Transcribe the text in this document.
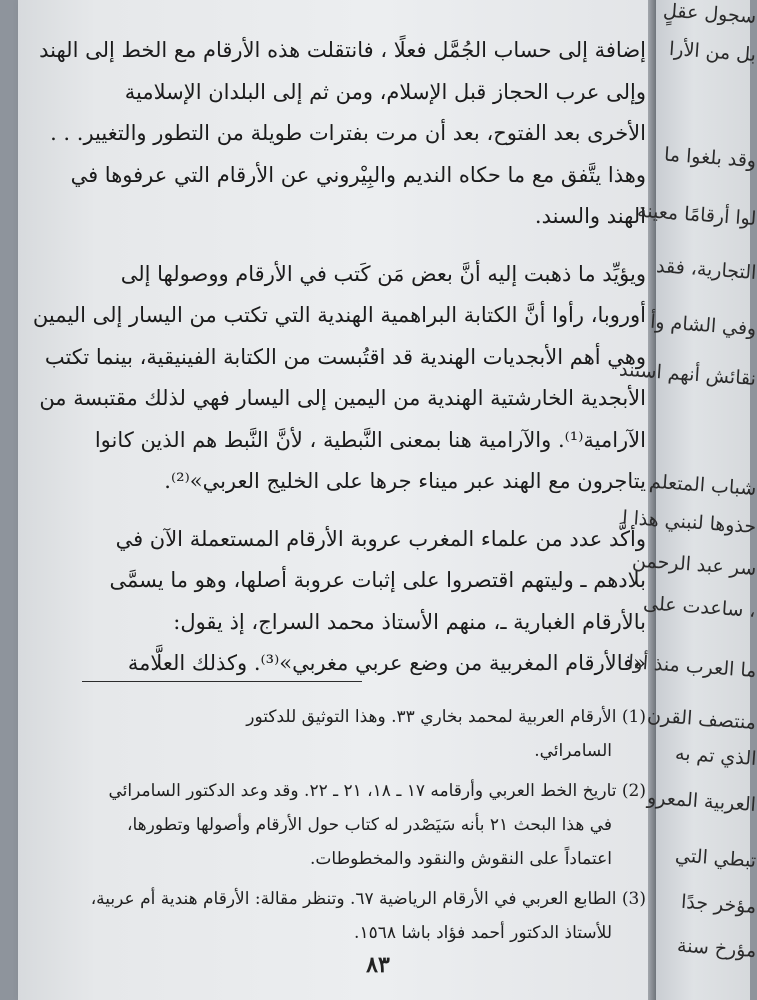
إضافة إلى حساب الجُمَّل فعلًا ، فانتقلت هذه الأرقام مع الخط إلى الهند
وإلى عرب الحجاز قبل الإسلام، ومن ثم إلى البلدان الإسلامية
الأخرى بعد الفتوح، بعد أن مرت بفترات طويلة من التطور والتغيير. . .
وهذا يتَّفق مع ما حكاه النديم والبِيْروني عن الأرقام التي عرفوها في
الهند والسند.
ويؤيِّد ما ذهبت إليه أنَّ بعض مَن كَتب في الأرقام ووصولها إلى
أوروبا، رأوا أنَّ الكتابة البراهمية الهندية التي تكتب من اليسار إلى اليمين
وهي أهم الأبجديات الهندية قد اقتُبست من الكتابة الفينيقية، بينما تكتب
الأبجدية الخارشتية الهندية من اليمين إلى اليسار فهي لذلك مقتبسة من
الآرامية⁽¹⁾. والآرامية هنا بمعنى النَّبطية ، لأنَّ النَّبط هم الذين كانوا
يتاجرون مع الهند عبر ميناء جرها على الخليج العربي»⁽²⁾.
وأكَّد عدد من علماء المغرب عروبة الأرقام المستعملة الآن في
بلادهم ـ وليتهم اقتصروا على إثبات عروبة أصلها، وهو ما يسمَّى
بالأرقام الغبارية ـ، منهم الأستاذ محمد السراج، إذ يقول:
«فالأرقام المغربية من وضع عربي مغربي»⁽³⁾. وكذلك العلَّامة
(1) الأرقام العربية لمحمد بخاري ٣٣. وهذا التوثيق للدكتور
السامرائي.
(2) تاريخ الخط العربي وأرقامه ١٧ ـ ١٨، ٢١ ـ ٢٢. وقد وعد الدكتور السامرائي
في هذا البحث ٢١ بأنه سَيَصْدر له كتاب حول الأرقام وأصولها وتطورها،
اعتماداً على النقوش والنقود والمخطوطات.
(3) الطابع العربي في الأرقام الرياضية ٦٧. وتنظر مقالة: الأرقام هندية أم عربية،
للأستاذ الدكتور أحمد فؤاد باشا ١٥٦٨.
٨٣
سجول عقلٍ
بل من الأرا
وقد بلغوا ما
لوا أرقامًا معينة
التجارية، فقد
وفي الشام وأ
نقائش أنهم استند
شباب المتعلم
حذوها لنبني هذا ا
سر عبد الرحمن
، ساعدت على
ما العرب منذ أوا
منتصف القرن
الذي تم به
العربية المعرو
تبطي التي
مؤخر جدًا
مؤرخ سنة
